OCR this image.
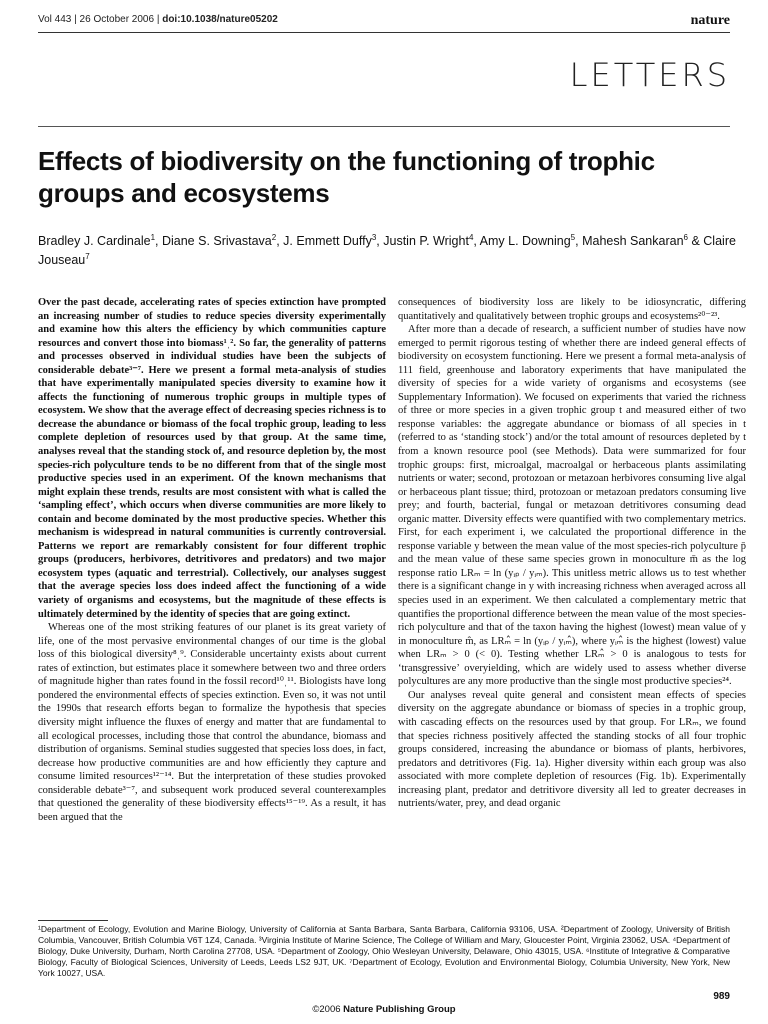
Vol 443 | 26 October 2006 | doi:10.1038/nature05202	nature
LETTERS
Effects of biodiversity on the functioning of trophic groups and ecosystems
Bradley J. Cardinale$^1$, Diane S. Srivastava$^2$, J. Emmett Duffy$^3$, Justin P. Wright$^4$, Amy L. Downing$^5$, Mahesh Sankaran$^6$ & Claire Jouseau$^7$

Over the past decade, accelerating rates of species extinction have prompted an increasing number of studies to reduce species diversity experimentally and examine how this alters the efficiency by which communities capture resources and convert those into biomass¹ˌ². So far, the generality of patterns and processes observed in individual studies have been the subjects of considerable debate³⁻⁷. Here we present a formal meta-analysis of studies that have experimentally manipulated species diversity to examine how it affects the functioning of numerous trophic groups in multiple types of ecosystem. We show that the average effect of decreasing species richness is to decrease the abundance or biomass of the focal trophic group, leading to less complete depletion of resources used by that group. At the same time, analyses reveal that the standing stock of, and resource depletion by, the most species-rich polyculture tends to be no different from that of the single most productive species used in an experiment. Of the known mechanisms that might explain these trends, results are most consistent with what is called the ‘sampling effect’, which occurs when diverse communities are more likely to contain and become dominated by the most productive species. Whether this mechanism is widespread in natural communities is currently controversial. Patterns we report are remarkably consistent for four different trophic groups (producers, herbivores, detritivores and predators) and two major ecosystem types (aquatic and terrestrial). Collectively, our analyses suggest that the average species loss does indeed affect the functioning of a wide variety of organisms and ecosystems, but the magnitude of these effects is ultimately determined by the identity of species that are going extinct.

Whereas one of the most striking features of our planet is its great variety of life, one of the most pervasive environmental changes of our time is the global loss of this biological diversity⁸ˌ⁹. Considerable uncertainty exists about current rates of extinction, but estimates place it somewhere between two and three orders of magnitude higher than rates found in the fossil record¹⁰ˌ¹¹. Biologists have long pondered the environmental effects of species extinction. Even so, it was not until the 1990s that research efforts began to formalize the hypothesis that species diversity might influence the fluxes of energy and matter that are fundamental to all ecological processes, including those that control the abundance, biomass and distribution of organisms. Seminal studies suggested that species loss does, in fact, decrease how productive communities are and how efficiently they capture and consume limited resources¹²⁻¹⁴. But the interpretation of these studies provoked considerable debate³⁻⁷, and subsequent work produced several counterexamples that questioned the generality of these biodiversity effects¹⁵⁻¹⁹. As a result, it has been argued that the

consequences of biodiversity loss are likely to be idiosyncratic, differing quantitatively and qualitatively between trophic groups and ecosystems²⁰⁻²³.

After more than a decade of research, a sufficient number of studies have now emerged to permit rigorous testing of whether there are indeed general effects of biodiversity on ecosystem functioning. Here we present a formal meta-analysis of 111 field, greenhouse and laboratory experiments that have manipulated the diversity of species for a wide variety of organisms and ecosystems (see Supplementary Information). We focused on experiments that varied the richness of three or more species in a given trophic group t and measured either of two response variables: the aggregate abundance or biomass of all species in t (referred to as ‘standing stock’) and/or the total amount of resources depleted by t from a known resource pool (see Methods). Data were summarized for four trophic groups: first, microalgal, macroalgal or herbaceous plants assimilating nutrients or water; second, protozoan or metazoan herbivores consuming live algal or herbaceous plant tissue; third, protozoan or metazoan predators consuming live prey; and fourth, bacterial, fungal or metazoan detritivores consuming dead organic matter. Diversity effects were quantified with two complementary metrics. First, for each experiment i, we calculated the proportional difference in the response variable y between the mean value of the most species-rich polyculture p̄ and the mean value of these same species grown in monoculture m̄ as the log response ratio LRₘ = ln (yᵢₚ / yᵢₘ). This unitless metric allows us to test whether there is a significant change in y with increasing richness when averaged across all species used in an experiment. We then calculated a complementary metric that quantifies the proportional difference between the mean value of the most species-rich polyculture and that of the taxon having the highest (lowest) mean value of y in monoculture m̂, as LRₘ̂ = ln (yᵢₚ / yᵢₘ̂), where yᵢₘ̂ is the highest (lowest) value when LRₘ > 0 (< 0). Testing whether LRₘ̂ > 0 is analogous to tests for ‘transgressive’ overyielding, which are widely used to assess whether diverse polycultures are any more productive than the single most productive species²⁴.

Our analyses reveal quite general and consistent mean effects of species diversity on the aggregate abundance or biomass of species in a trophic group, with cascading effects on the resources used by that group. For LRₘ, we found that species richness positively affected the standing stocks of all four trophic groups considered, increasing the abundance or biomass of plants, herbivores, predators and detritivores (Fig. 1a). Higher diversity within each group was also associated with more complete depletion of resources (Fig. 1b). Experimentally increasing plant, predator and detritivore diversity all led to greater decreases in nutrients/water, prey, and dead organic

¹Department of Ecology, Evolution and Marine Biology, University of California at Santa Barbara, Santa Barbara, California 93106, USA. ²Department of Zoology, University of British Columbia, Vancouver, British Columbia V6T 1Z4, Canada. ³Virginia Institute of Marine Science, The College of William and Mary, Gloucester Point, Virginia 23062, USA. ⁴Department of Biology, Duke University, Durham, North Carolina 27708, USA. ⁵Department of Zoology, Ohio Wesleyan University, Delaware, Ohio 43015, USA. ⁶Institute of Integrative & Comparative Biology, Faculty of Biological Sciences, University of Leeds, Leeds LS2 9JT, UK. ⁷Department of Ecology, Evolution and Environmental Biology, Columbia University, New York, New York 10027, USA.
989
©2006 Nature Publishing Group
